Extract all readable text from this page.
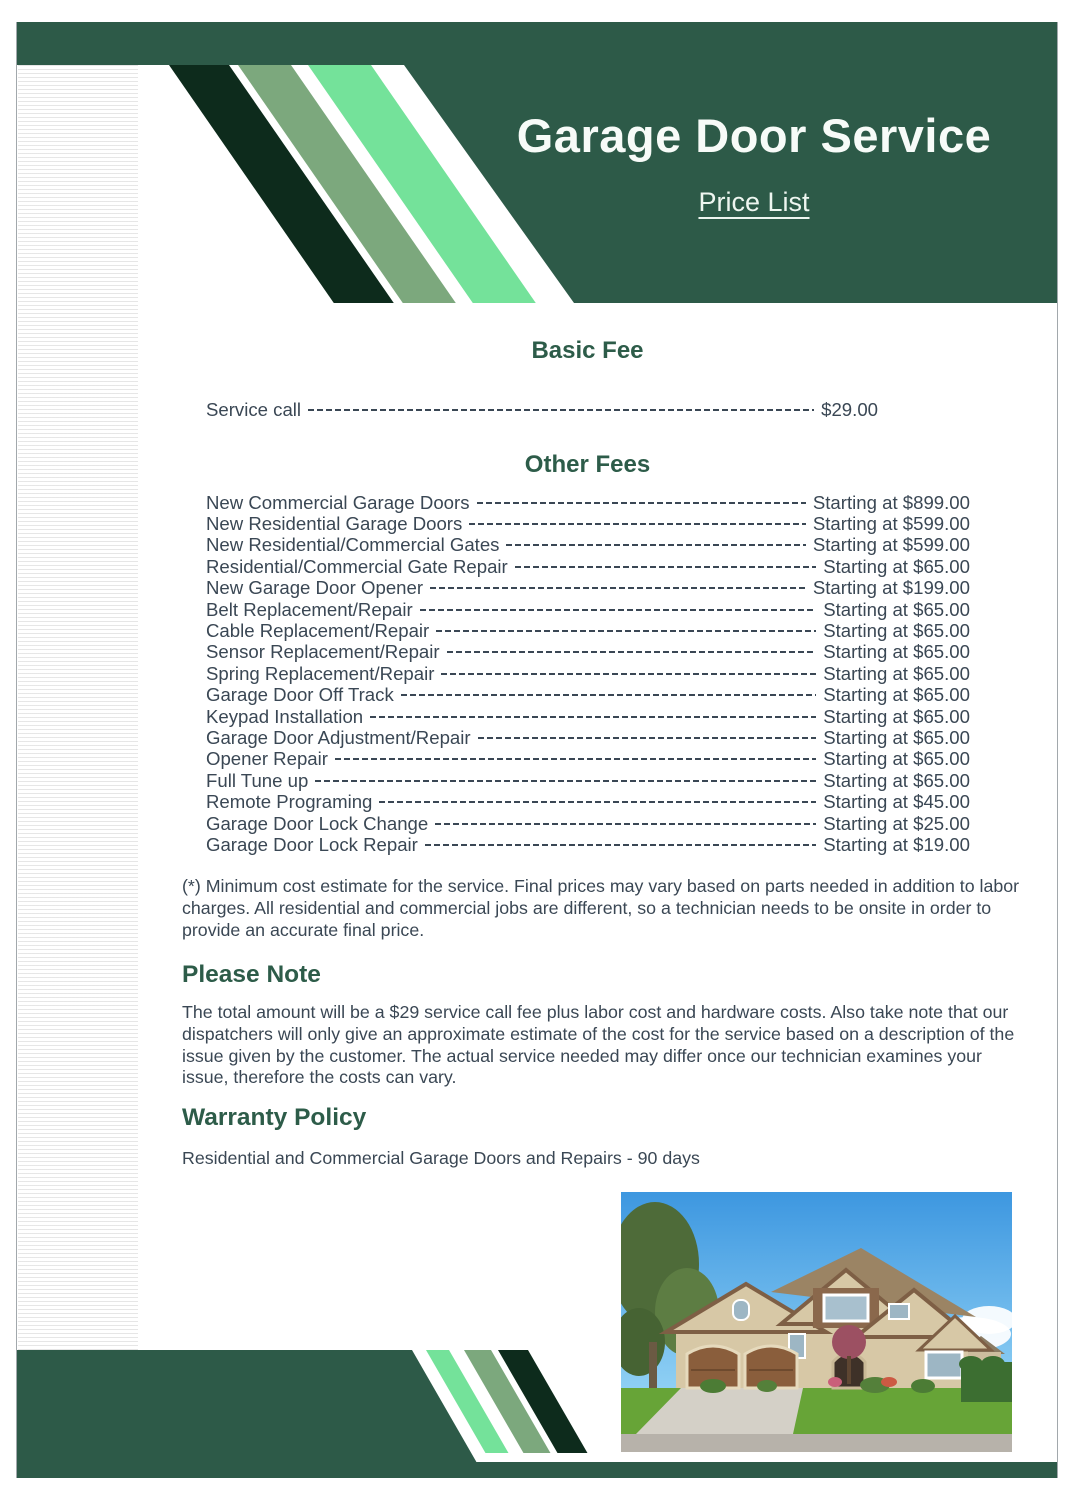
Garage Door Service
Price List
Basic Fee
Service call	$29.00
Other Fees
New Commercial Garage Doors	Starting at $899.00
New Residential Garage Doors	Starting at $599.00
New Residential/Commercial Gates	Starting at $599.00
Residential/Commercial Gate Repair	Starting at $65.00
New Garage Door Opener	Starting at $199.00
Belt Replacement/Repair	Starting at $65.00
Cable Replacement/Repair	Starting at $65.00
Sensor Replacement/Repair	Starting at $65.00
Spring Replacement/Repair	Starting at $65.00
Garage Door Off Track	Starting at $65.00
Keypad Installation	Starting at $65.00
Garage Door Adjustment/Repair	Starting at $65.00
Opener Repair	Starting at $65.00
Full Tune up	Starting at $65.00
Remote Programing	Starting at $45.00
Garage Door Lock Change	Starting at $25.00
Garage Door Lock Repair	Starting at $19.00

(*) Minimum cost estimate for the service. Final prices may vary based on parts needed in addition to labor charges. All residential and commercial jobs are different, so a technician needs to be onsite in order to provide an accurate final price.

Please Note

The total amount will be a $29 service call fee plus labor cost and hardware costs. Also take note that our dispatchers will only give an approximate estimate of the cost for the service based on a description of the issue given by the customer. The actual service needed may differ once our technician examines your issue, therefore the costs can vary.

Warranty Policy

Residential and Commercial Garage Doors and Repairs - 90 days
